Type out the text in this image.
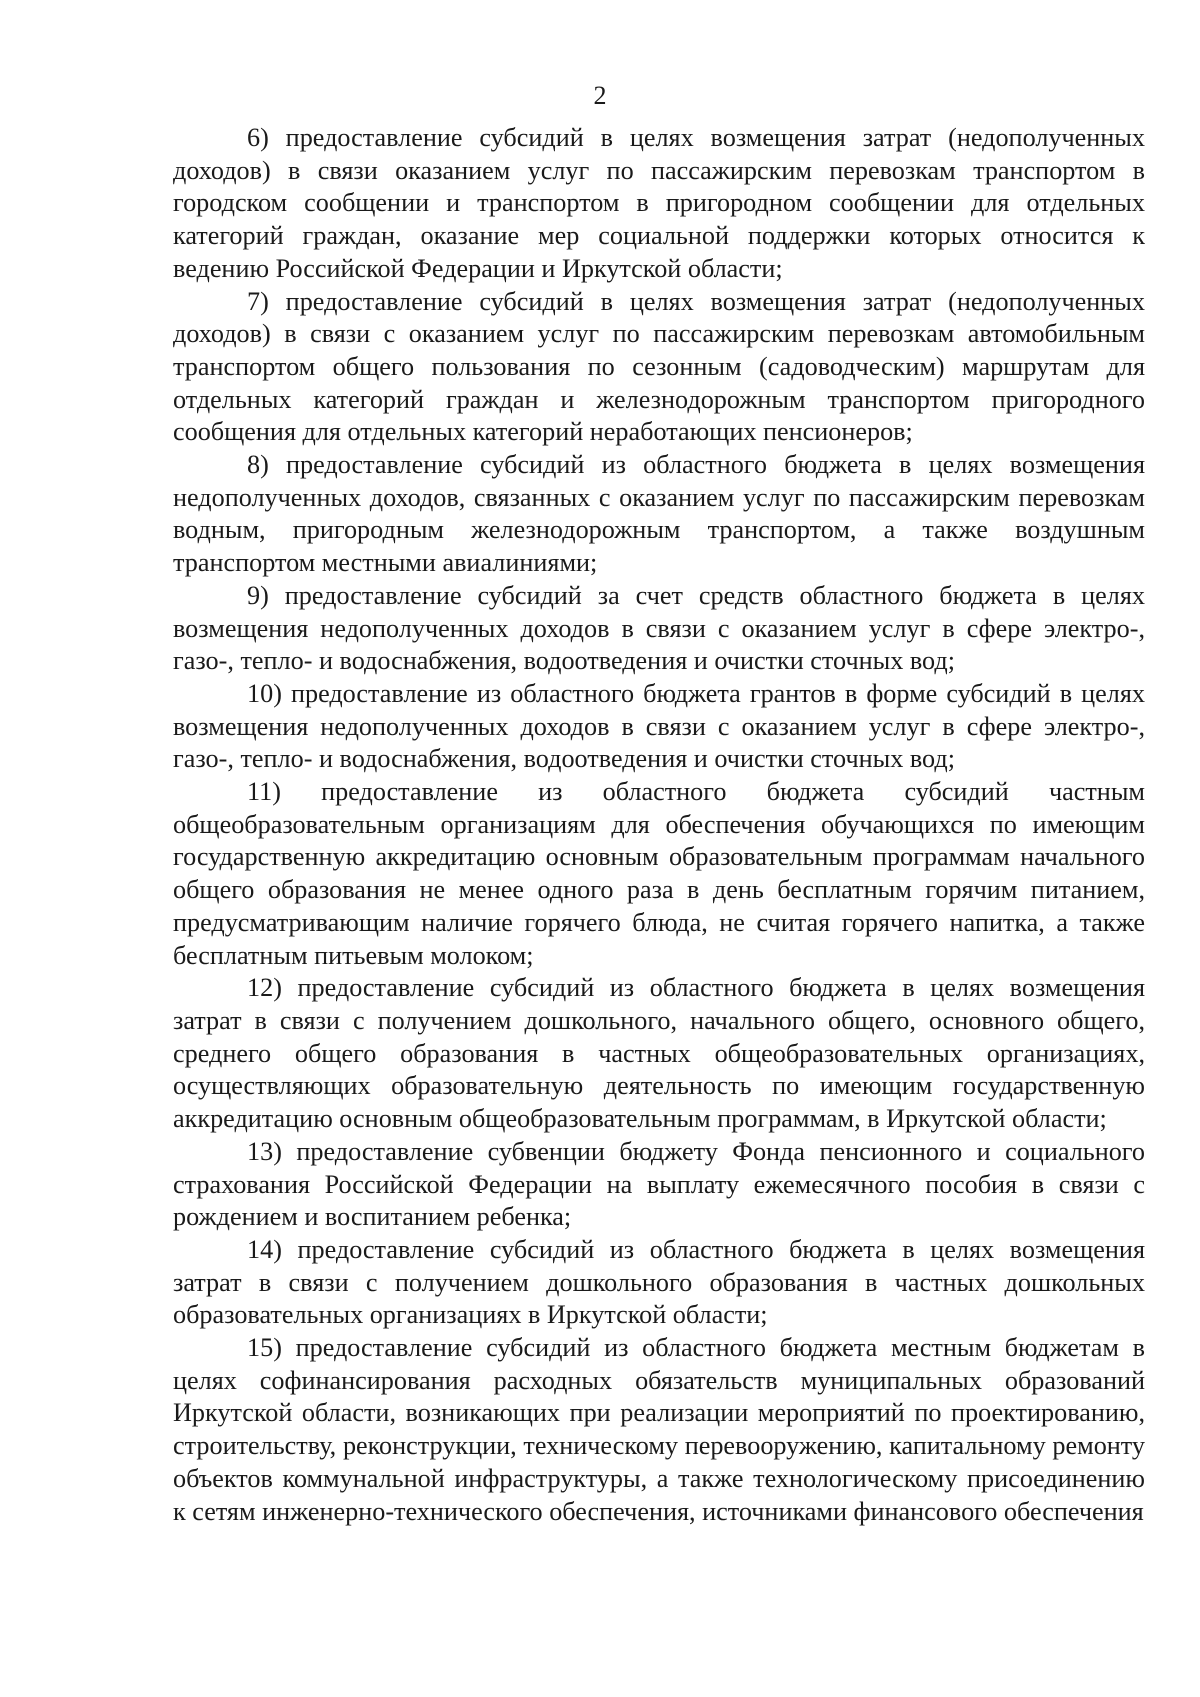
2

6) предоставление субсидий в целях возмещения затрат (недополученных доходов) в связи оказанием услуг по пассажирским перевозкам транспортом в городском сообщении и транспортом в пригородном сообщении для отдельных категорий граждан, оказание мер социальной поддержки которых относится к ведению Российской Федерации и Иркутской области;

7) предоставление субсидий в целях возмещения затрат (недополученных доходов) в связи с оказанием услуг по пассажирским перевозкам автомобильным транспортом общего пользования по сезонным (садоводческим) маршрутам для отдельных категорий граждан и железнодорожным транспортом пригородного сообщения для отдельных категорий неработающих пенсионеров;

8) предоставление субсидий из областного бюджета в целях возмещения недополученных доходов, связанных с оказанием услуг по пассажирским перевозкам водным, пригородным железнодорожным транспортом, а также воздушным транспортом местными авиалиниями;

9) предоставление субсидий за счет средств областного бюджета в целях возмещения недополученных доходов в связи с оказанием услуг в сфере электро-, газо-, тепло- и водоснабжения, водоотведения и очистки сточных вод;

10) предоставление из областного бюджета грантов в форме субсидий в целях возмещения недополученных доходов в связи с оказанием услуг в сфере электро-, газо-, тепло- и водоснабжения, водоотведения и очистки сточных вод;

11) предоставление из областного бюджета субсидий частным общеобразовательным организациям для обеспечения обучающихся по имеющим государственную аккредитацию основным образовательным программам начального общего образования не менее одного раза в день бесплатным горячим питанием, предусматривающим наличие горячего блюда, не считая горячего напитка, а также бесплатным питьевым молоком;

12) предоставление субсидий из областного бюджета в целях возмещения затрат в связи с получением дошкольного, начального общего, основного общего, среднего общего образования в частных общеобразовательных организациях, осуществляющих образовательную деятельность по имеющим государственную аккредитацию основным общеобразовательным программам, в Иркутской области;

13) предоставление субвенции бюджету Фонда пенсионного и социального страхования Российской Федерации на выплату ежемесячного пособия в связи с рождением и воспитанием ребенка;

14) предоставление субсидий из областного бюджета в целях возмещения затрат в связи с получением дошкольного образования в частных дошкольных образовательных организациях в Иркутской области;

15) предоставление субсидий из областного бюджета местным бюджетам в целях софинансирования расходных обязательств муниципальных образований Иркутской области, возникающих при реализации мероприятий по проектированию, строительству, реконструкции, техническому перевооружению, капитальному ремонту объектов коммунальной инфраструктуры, а также технологическому присоединению к сетям инженерно-технического обеспечения, источниками финансового обеспечения
